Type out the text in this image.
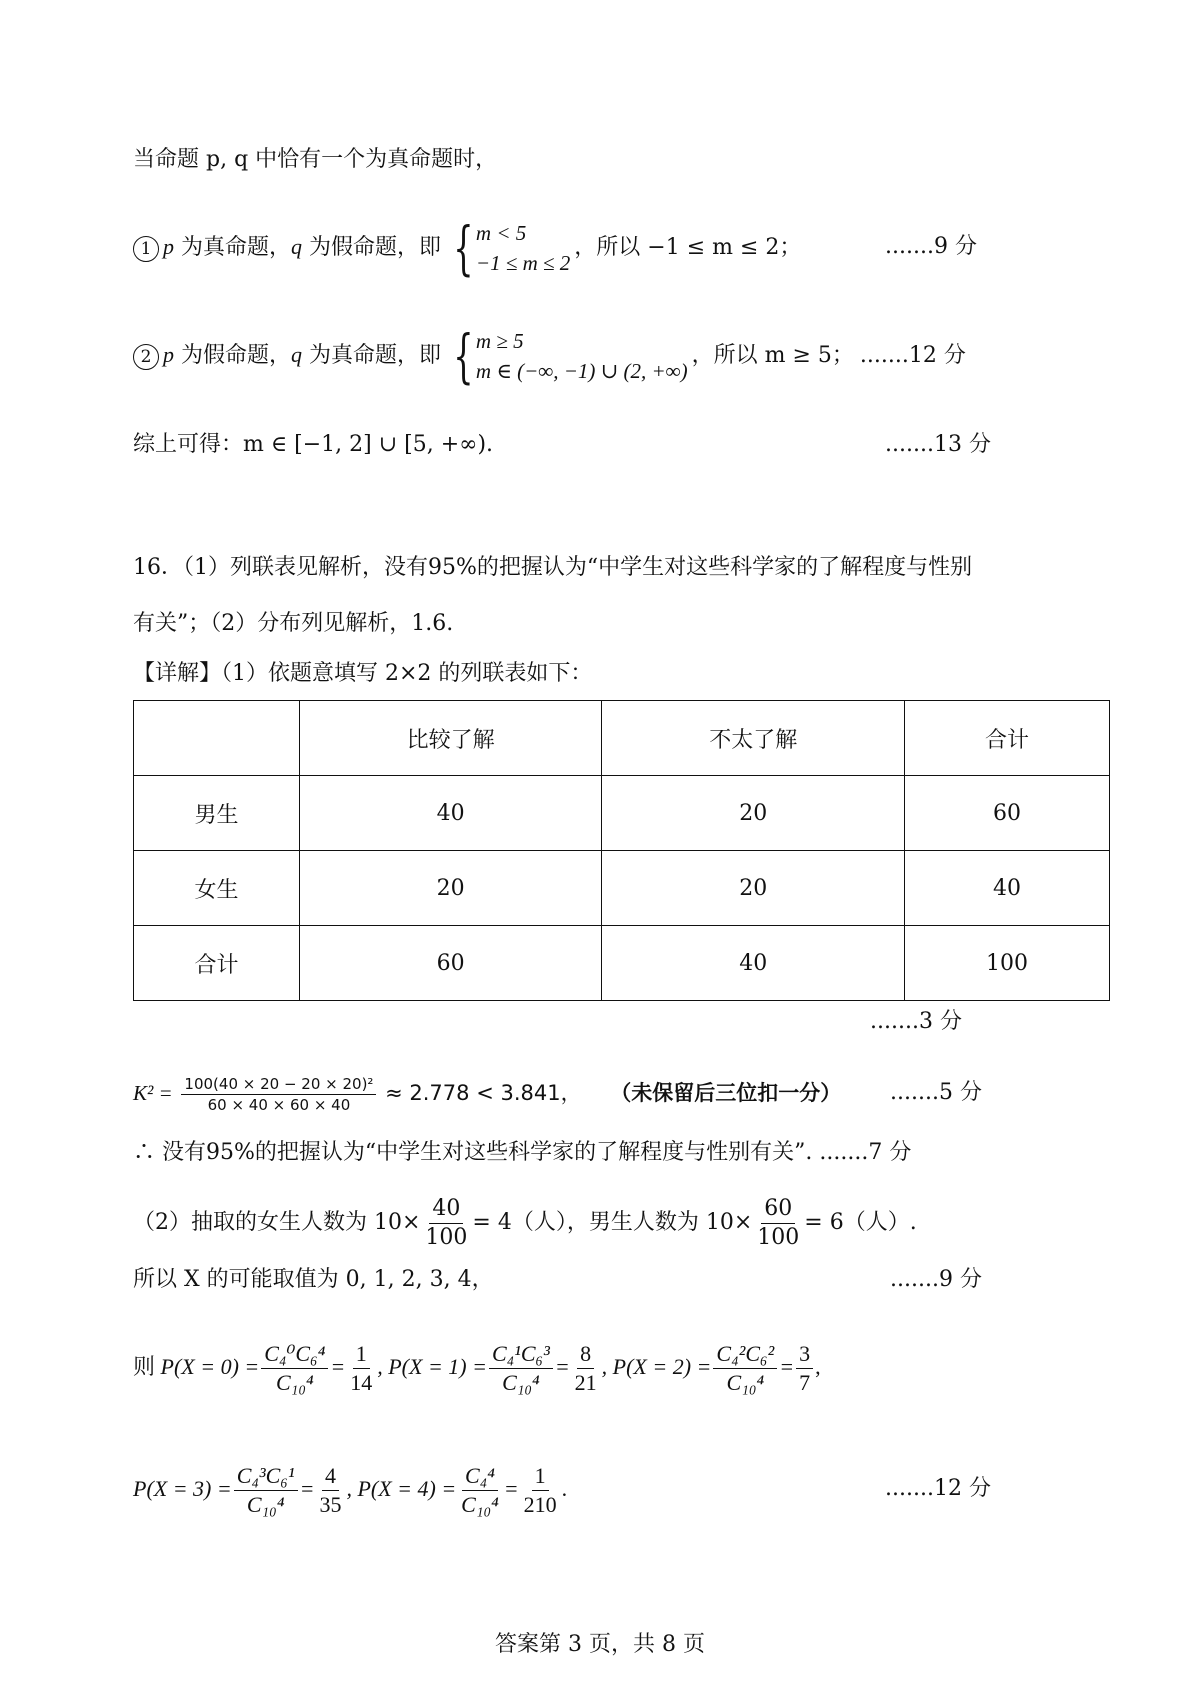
当命题 p, q 中恰有一个为真命题时，
1 p 为真命题，q 为假命题，即 { m < 5
−1 ≤ m ≤ 2
，所以 −1 ≤ m ≤ 2；	.......9 分
2 p 为假命题，q 为真命题，即 { m ≥ 5
m ∈ (−∞, −1) ∪ (2, +∞)
，所以 m ≥ 5； .......12 分
综上可得：m ∈ [−1, 2] ∪ [5, +∞).	.......13 分
16．（1）列联表见解析，没有95%的把握认为“中学生对这些科学家的了解程度与性别
有关”；（2）分布列见解析，1.6.
【详解】（1）依题意填写 2×2 的列联表如下：
	比较了解	不太了解	合计
男生	40	20	60
女生	20	20	40
合计	60	40	100
.......3 分
$K^2 = \frac{\text{100(40 × 20 − 20 × 20)²}}{60 \times 40 \times 60 \times 40} \approx 2.778 < 3.841$， （未保留后三位扣一分） .......5 分
∴ 没有95%的把握认为“中学生对这些科学家的了解程度与性别有关”. .......7 分
（2）抽取的女生人数为 $10\times \frac{40}{100} = 4$（人），男生人数为 $10\times \frac{60}{100} = 6$（人）.
所以 X 的可能取值为 0, 1, 2, 3, 4，	.......9 分
则 $P(X = 0) = \frac{\text{C₄⁰C₆⁴}}{\text{C₁₀⁴}} = \frac{1}{14}$ , $P(X = 1) = \frac{\text{C₄¹C₆³}}{\text{C₁₀⁴}} = \frac{8}{21}$ , $P(X = 2) = \frac{\text{C₄²C₆²}}{\text{C₁₀⁴}} = \frac{3}{7}$ ,
$P(X = 3) = \frac{\text{C₄³C₆¹}}{\text{C₁₀⁴}} = \frac{4}{35}$ , $P(X = 4) = \frac{\text{C₄⁴}}{\text{C₁₀⁴}} = \frac{1}{210}$ .	.......12 分
答案第 3 页，共 8 页
